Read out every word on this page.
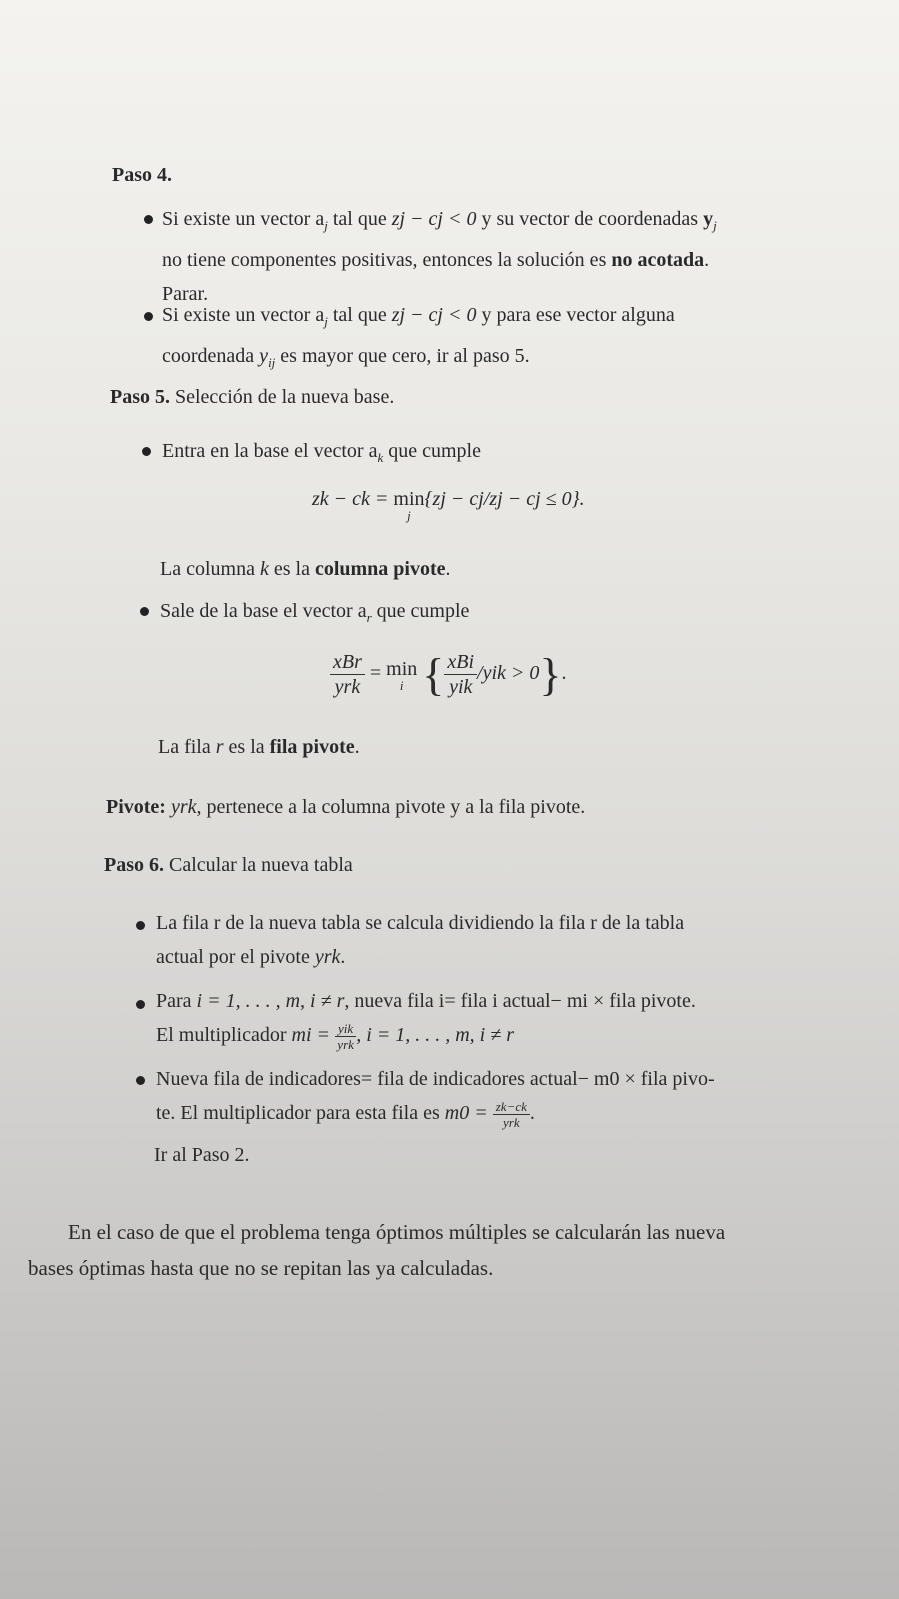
Paso 4.
Si existe un vector $a_j$ tal que zj − cj < 0 y su vector de coordenadas $y_j$
no tiene componentes positivas, entonces la solución es no acotada.
Parar.
Si existe un vector $a_j$ tal que zj − cj < 0 y para ese vector alguna
coordenada $y_{ij}$ es mayor que cero, ir al paso 5.
Paso 5. Selección de la nueva base.
Entra en la base el vector $a_k$ que cumple
zk − ck = min
j
{zj − cj/zj − cj ≤ 0}.
La columna k es la columna pivote.
Sale de la base el vector $a_r$ que cumple
$\frac{\text{xBr}}{\text{yrk}} = \min$
i { $\frac{\text{xBi}}{\text{yik}} /yik > 0$}.
La fila r es la fila pivote.
Pivote: yrk, pertenece a la columna pivote y a la fila pivote.
Paso 6. Calcular la nueva tabla
La fila r de la nueva tabla se calcula dividiendo la fila r de la tabla
actual por el pivote yrk.
Para i = 1, . . . , m, i ≠ r, nueva fila i= fila i actual− mi × fila pivote.
El multiplicador mi = $\frac{\text{yik}}{\text{yrk}}$ , i = 1, . . . , m, i ≠ r
Nueva fila de indicadores= fila de indicadores actual− m0 × fila pivo-
te. El multiplicador para esta fila es $m0 = \frac{zk-ck}{\text{yrk}}$ .
Ir al Paso 2.
En el caso de que el problema tenga óptimos múltiples se calcularán las nueva
bases óptimas hasta que no se repitan las ya calculadas.
